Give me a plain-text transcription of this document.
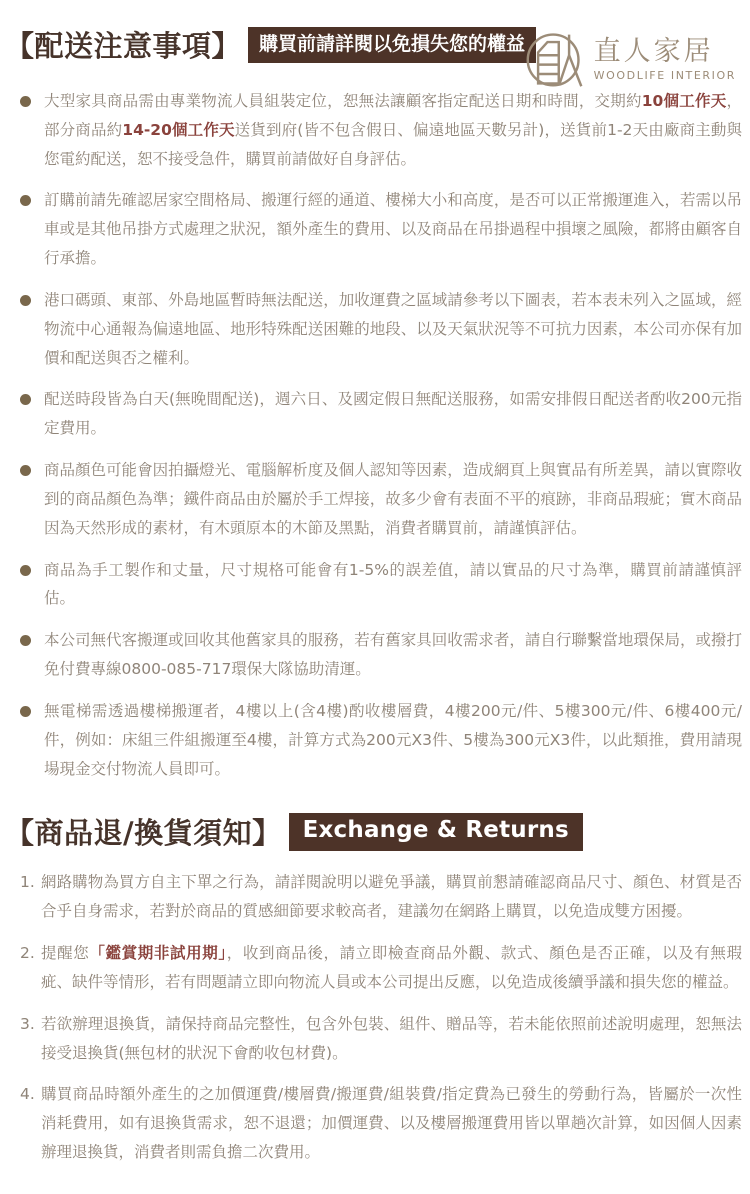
【配送注意事項】 購買前請詳閱以免損失您的權益	直人家居
WOODLIFE INTERIOR
大型家具商品需由專業物流人員組裝定位，恕無法讓顧客指定配送日期和時間，交期約10個工作天，部分商品約14-20個工作天送貨到府(皆不包含假日、偏遠地區天數另計)，送貨前1-2天由廠商主動與您電約配送，恕不接受急件，購買前請做好自身評估。
訂購前請先確認居家空間格局、搬運行經的通道、樓梯大小和高度，是否可以正常搬運進入，若需以吊車或是其他吊掛方式處理之狀況，額外產生的費用、以及商品在吊掛過程中損壞之風險，都將由顧客自行承擔。
港口碼頭、東部、外島地區暫時無法配送，加收運費之區域請參考以下圖表，若本表未列入之區域，經物流中心通報為偏遠地區、地形特殊配送困難的地段、以及天氣狀況等不可抗力因素，本公司亦保有加價和配送與否之權利。
配送時段皆為白天(無晚間配送)，週六日、及國定假日無配送服務，如需安排假日配送者酌收200元指定費用。
商品顏色可能會因拍攝燈光、電腦解析度及個人認知等因素，造成網頁上與實品有所差異，請以實際收到的商品顏色為準；鐵件商品由於屬於手工焊接，故多少會有表面不平的痕跡，非商品瑕疵；實木商品因為天然形成的素材，有木頭原本的木節及黑點，消費者購買前，請謹慎評估。
商品為手工製作和丈量，尺寸規格可能會有1-5%的誤差值，請以實品的尺寸為準，購買前請謹慎評估。
本公司無代客搬運或回收其他舊家具的服務，若有舊家具回收需求者，請自行聯繫當地環保局，或撥打免付費專線0800-085-717環保大隊協助清運。
無電梯需透過樓梯搬運者，4樓以上(含4樓)酌收樓層費，4樓200元/件、5樓300元/件、6樓400元/件，例如：床組三件組搬運至4樓，計算方式為200元X3件、5樓為300元X3件，以此類推，費用請現場現金交付物流人員即可。
【商品退/換貨須知】 Exchange & Returns
1. 網路購物為買方自主下單之行為，請詳閱說明以避免爭議，購買前懇請確認商品尺寸、顏色、材質是否合乎自身需求，若對於商品的質感細節要求較高者，建議勿在網路上購買，以免造成雙方困擾。
2. 提醒您「鑑賞期非試用期」，收到商品後，請立即檢查商品外觀、款式、顏色是否正確，以及有無瑕疵、缺件等情形，若有問題請立即向物流人員或本公司提出反應，以免造成後續爭議和損失您的權益。
3. 若欲辦理退換貨，請保持商品完整性，包含外包裝、組件、贈品等，若未能依照前述說明處理，恕無法接受退換貨(無包材的狀況下會酌收包材費)。
4. 購買商品時額外產生的之加價運費/樓層費/搬運費/組裝費/指定費為已發生的勞動行為，皆屬於一次性消耗費用，如有退換貨需求，恕不退還；加價運費、以及樓層搬運費用皆以單趟次計算，如因個人因素辦理退換貨，消費者則需負擔二次費用。
